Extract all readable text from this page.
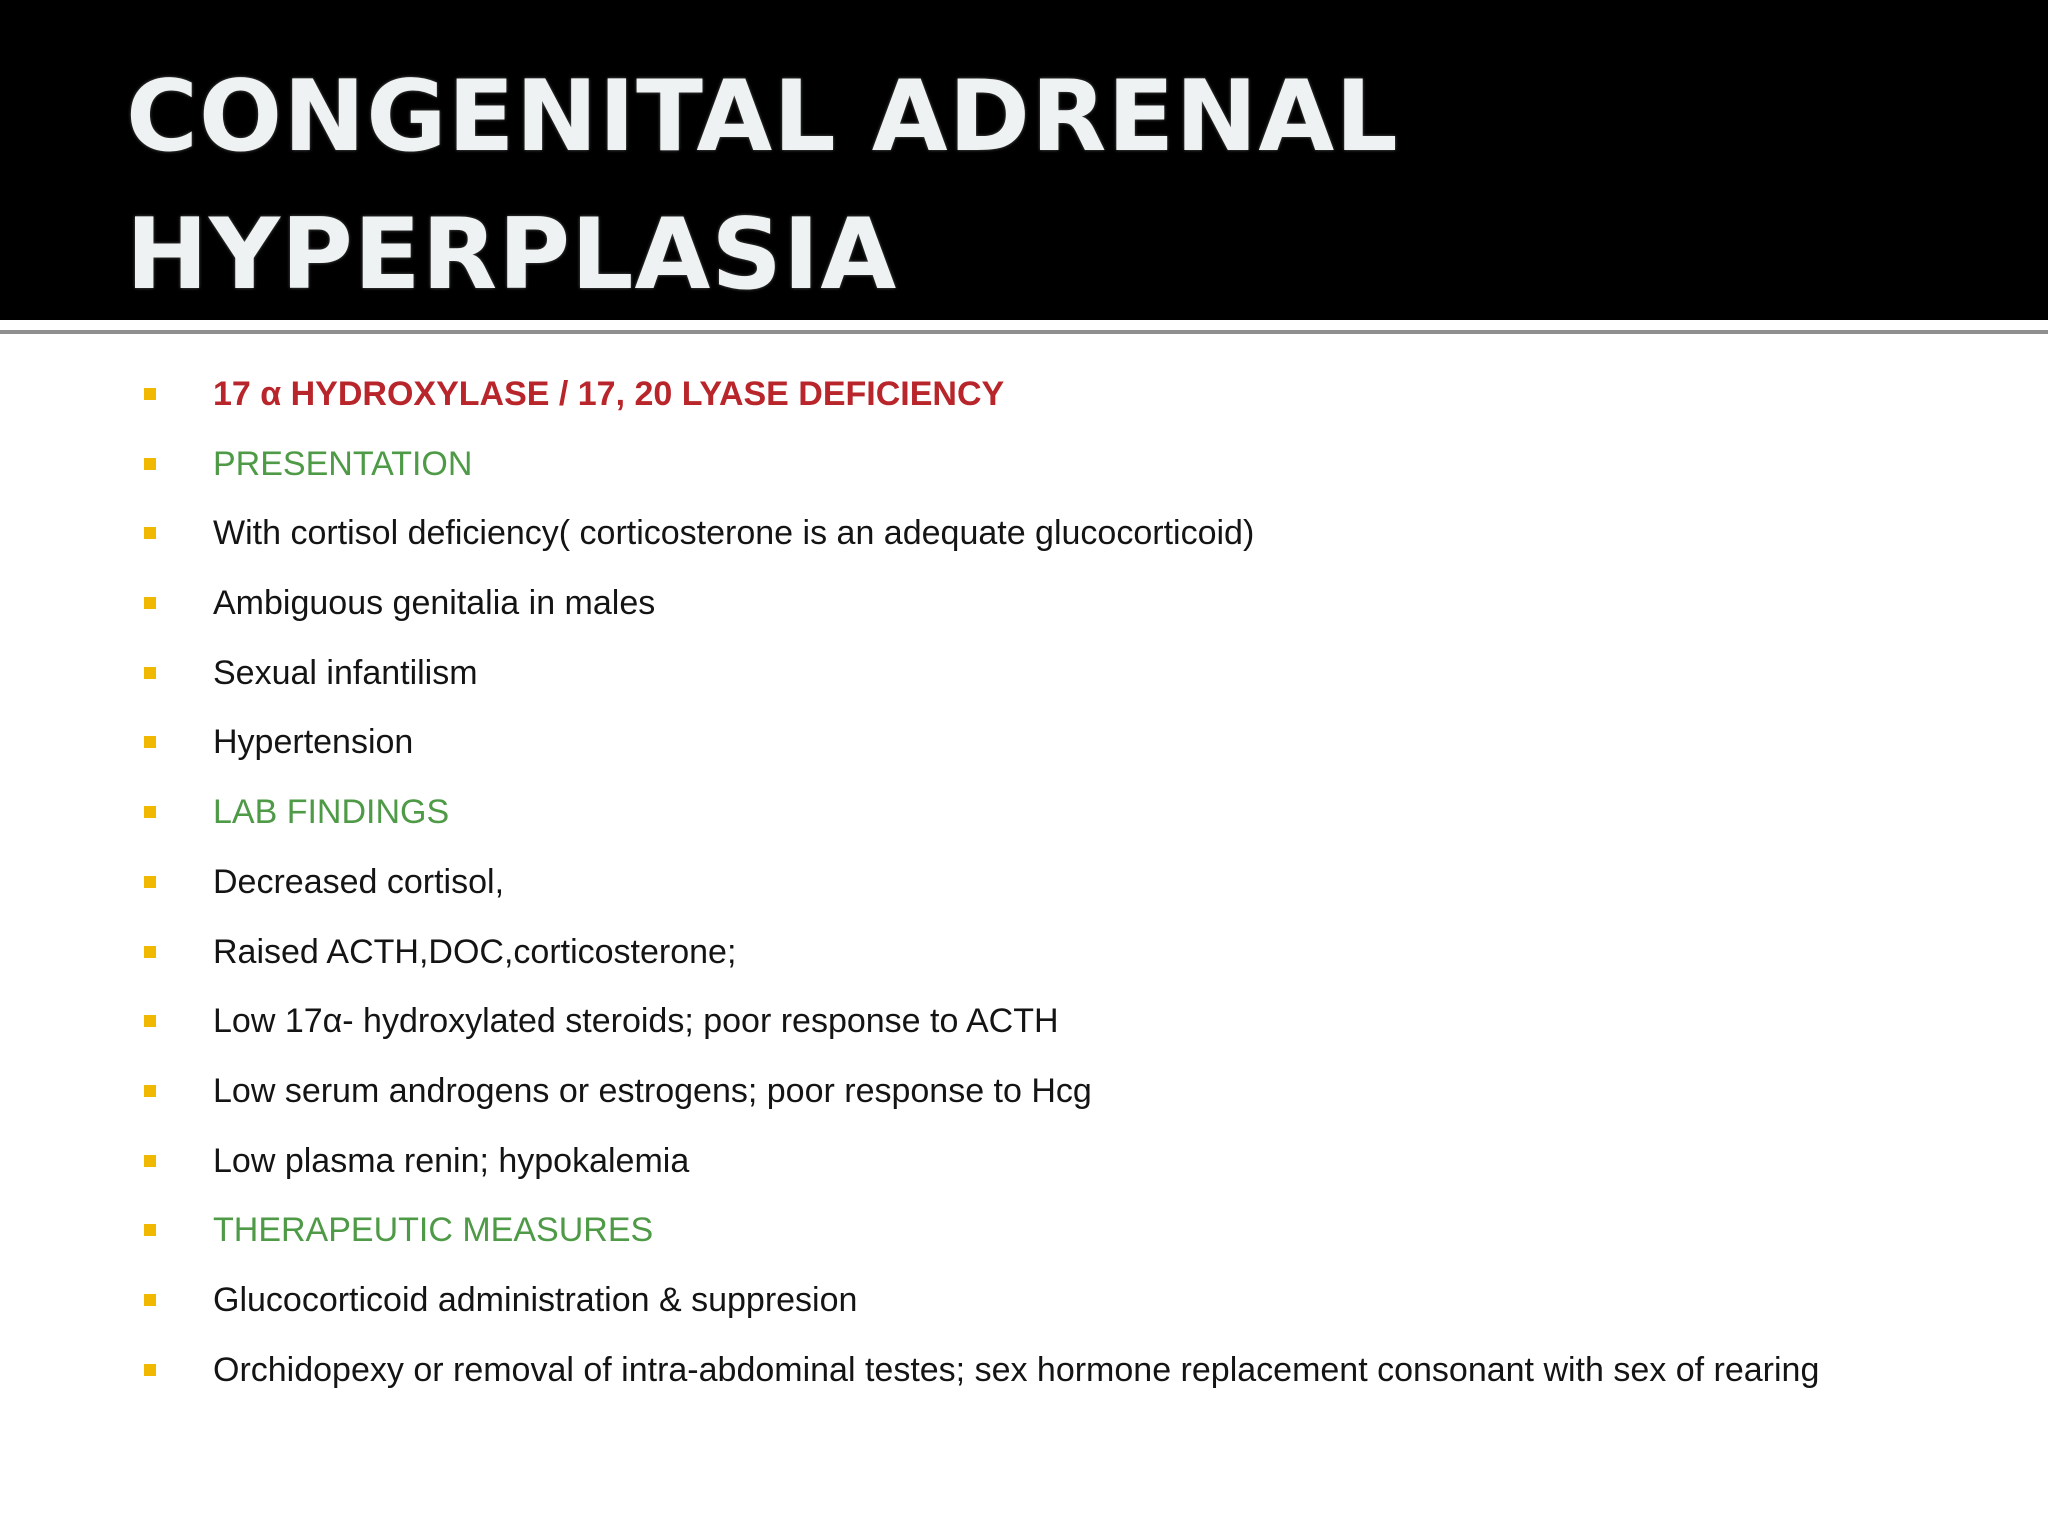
CONGENITAL ADRENAL
HYPERPLASIA
17 α HYDROXYLASE / 17, 20 LYASE DEFICIENCY
PRESENTATION
With cortisol deficiency( corticosterone is an adequate glucocorticoid)
Ambiguous genitalia in males
Sexual infantilism
Hypertension
LAB FINDINGS
Decreased cortisol,
Raised ACTH,DOC,corticosterone;
Low 17α- hydroxylated steroids; poor response to ACTH
Low serum androgens or estrogens; poor response to Hcg
Low plasma renin; hypokalemia
THERAPEUTIC MEASURES
Glucocorticoid administration & suppresion
Orchidopexy or removal of intra-abdominal testes; sex hormone replacement consonant with sex of rearing
